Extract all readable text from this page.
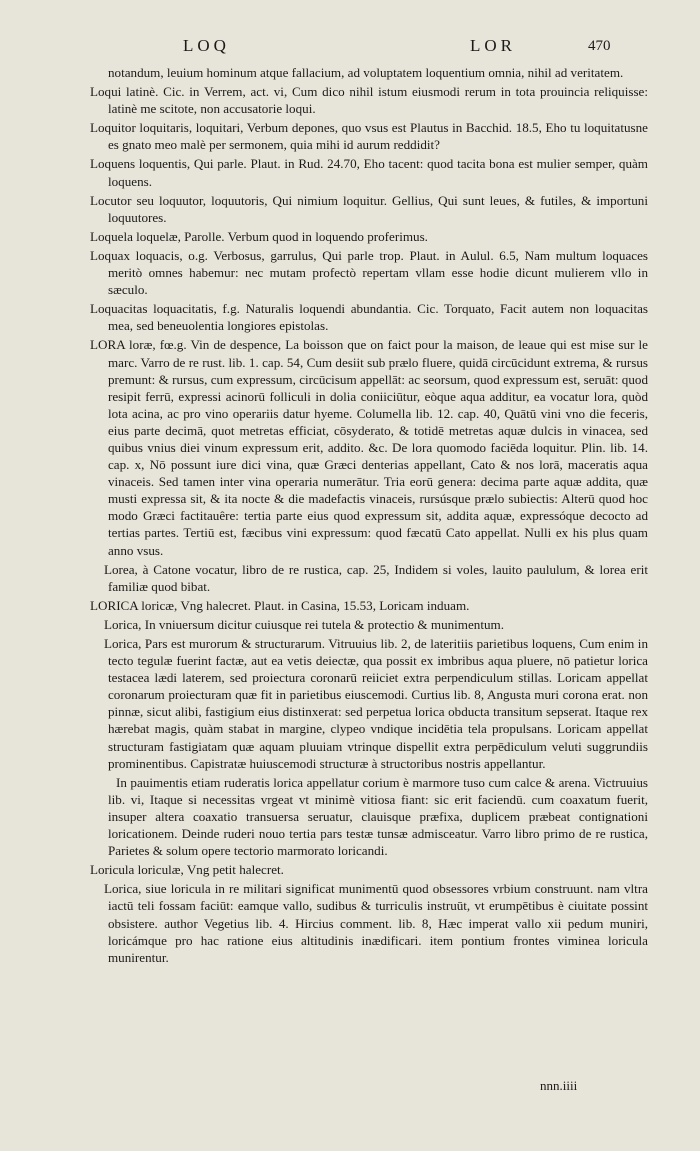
LOQ	LOR	470

notandum, leuium hominum atque fallacium, ad voluptatem loquentium omnia, nihil ad veritatem.

Loqui latinè. Cic. in Verrem, act. vi, Cum dico nihil istum eiusmodi rerum in tota prouincia reliquisse: latinè me scitote, non accusatorie loqui.

Loquitor loquitaris, loquitari, Verbum depones, quo vsus est Plautus in Bacchid. 18.5, Eho tu loquitatusne es gnato meo malè per sermonem, quia mihi id aurum reddidit?

Loquens loquentis, Qui parle. Plaut. in Rud. 24.70, Eho tacent: quod tacita bona est mulier semper, quàm loquens.

Locutor seu loquutor, loquutoris, Qui nimium loquitur. Gellius, Qui sunt leues, & futiles, & importuni loquutores.

Loquela loquelæ, Parolle. Verbum quod in loquendo proferimus.

Loquax loquacis, o.g. Verbosus, garrulus, Qui parle trop. Plaut. in Aulul. 6.5, Nam multum loquaces meritò omnes habemur: nec mutam profectò repertam vllam esse hodie dicunt mulierem vllo in sæculo.

Loquacitas loquacitatis, f.g. Naturalis loquendi abundantia. Cic. Torquato, Facit autem non loquacitas mea, sed beneuolentia longiores epistolas.

LORA loræ, fœ.g. Vin de despence, La boisson que on faict pour la maison, de leaue qui est mise sur le marc. Varro de re rust. lib. 1. cap. 54, Cum desiit sub prælo fluere, quidā circūcidunt extrema, & rursus premunt: & rursus, cum expressum, circūcisum appellāt: ac seorsum, quod expressum est, seruāt: quod resipit ferrū, expressi acinorū folliculi in dolia coniiciūtur, eòque aqua additur, ea vocatur lora, quòd lota acina, ac pro vino operariis datur hyeme. Columella lib. 12. cap. 40, Quātū vini vno die feceris, eius parte decimā, quot metretas efficiat, cōsyderato, & totidē metretas aquæ dulcis in vinacea, sed quibus vnius diei vinum expressum erit, addito. &c. De lora quomodo faciēda loquitur. Plin. lib. 14. cap. x, Nō possunt iure dici vina, quæ Græci denterias appellant, Cato & nos lorā, maceratis aqua vinaceis. Sed tamen inter vina operaria numerātur. Tria eorū genera: decima parte aquæ addita, quæ musti expressa sit, & ita nocte & die madefactis vinaceis, rursúsque prælo subiectis: Alterū quod hoc modo Græci factitauêre: tertia parte eius quod expressum sit, addita aquæ, expressóque decocto ad tertias partes. Tertiū est, fæcibus vini expressum: quod fæcatū Cato appellat. Nulli ex his plus quam anno vsus.

Lorea, à Catone vocatur, libro de re rustica, cap. 25, Indidem si voles, lauito paululum, & lorea erit familiæ quod bibat.

LORICA loricæ, Vng halecret. Plaut. in Casina, 15.53, Loricam induam.

Lorica, In vniuersum dicitur cuiusque rei tutela & protectio & munimentum.

Lorica, Pars est murorum & structurarum. Vitruuius lib. 2, de lateritiis parietibus loquens, Cum enim in tecto tegulæ fuerint factæ, aut ea vetis deiectæ, qua possit ex imbribus aqua pluere, nō patietur lorica testacea lædi laterem, sed proiectura coronarū reiiciet extra perpendiculum stillas. Loricam appellat coronarum proiecturam quæ fit in parietibus eiuscemodi. Curtius lib. 8, Angusta muri corona erat. non pinnæ, sicut alibi, fastigium eius distinxerat: sed perpetua lorica obducta transitum sepserat. Itaque rex hærebat magis, quàm stabat in margine, clypeo vndique incidētia tela propulsans. Loricam appellat structuram fastigiatam quæ aquam pluuiam vtrinque dispellit extra perpēdiculum veluti suggrundiis prominentibus. Capistratæ huiuscemodi structuræ à structoribus nostris appellantur.

In pauimentis etiam ruderatis lorica appellatur corium è marmore tuso cum calce & arena. Victruuius lib. vi, Itaque si necessitas vrgeat vt minimè vitiosa fiant: sic erit faciendū. cum coaxatum fuerit, insuper altera coaxatio transuersa seruatur, clauisque præfixa, duplicem præbeat contignationi loricationem. Deinde ruderi nouo tertia pars testæ tunsæ admisceatur. Varro libro primo de re rustica, Parietes & solum opere tectorio marmorato loricandi.

Loricula loriculæ, Vng petit halecret.

Lorica, siue loricula in re militari significat munimentū quod obsessores vrbium construunt. nam vltra iactū teli fossam faciūt: eamque vallo, sudibus & turriculis instruūt, vt erumpētibus è ciuitate possint obsistere. author Vegetius lib. 4. Hircius comment. lib. 8, Hæc imperat vallo xii pedum muniri, loricámque pro hac ratione eius altitudinis inædificari. item pontium frontes viminea loricula munirentur.

nnn.iiii
